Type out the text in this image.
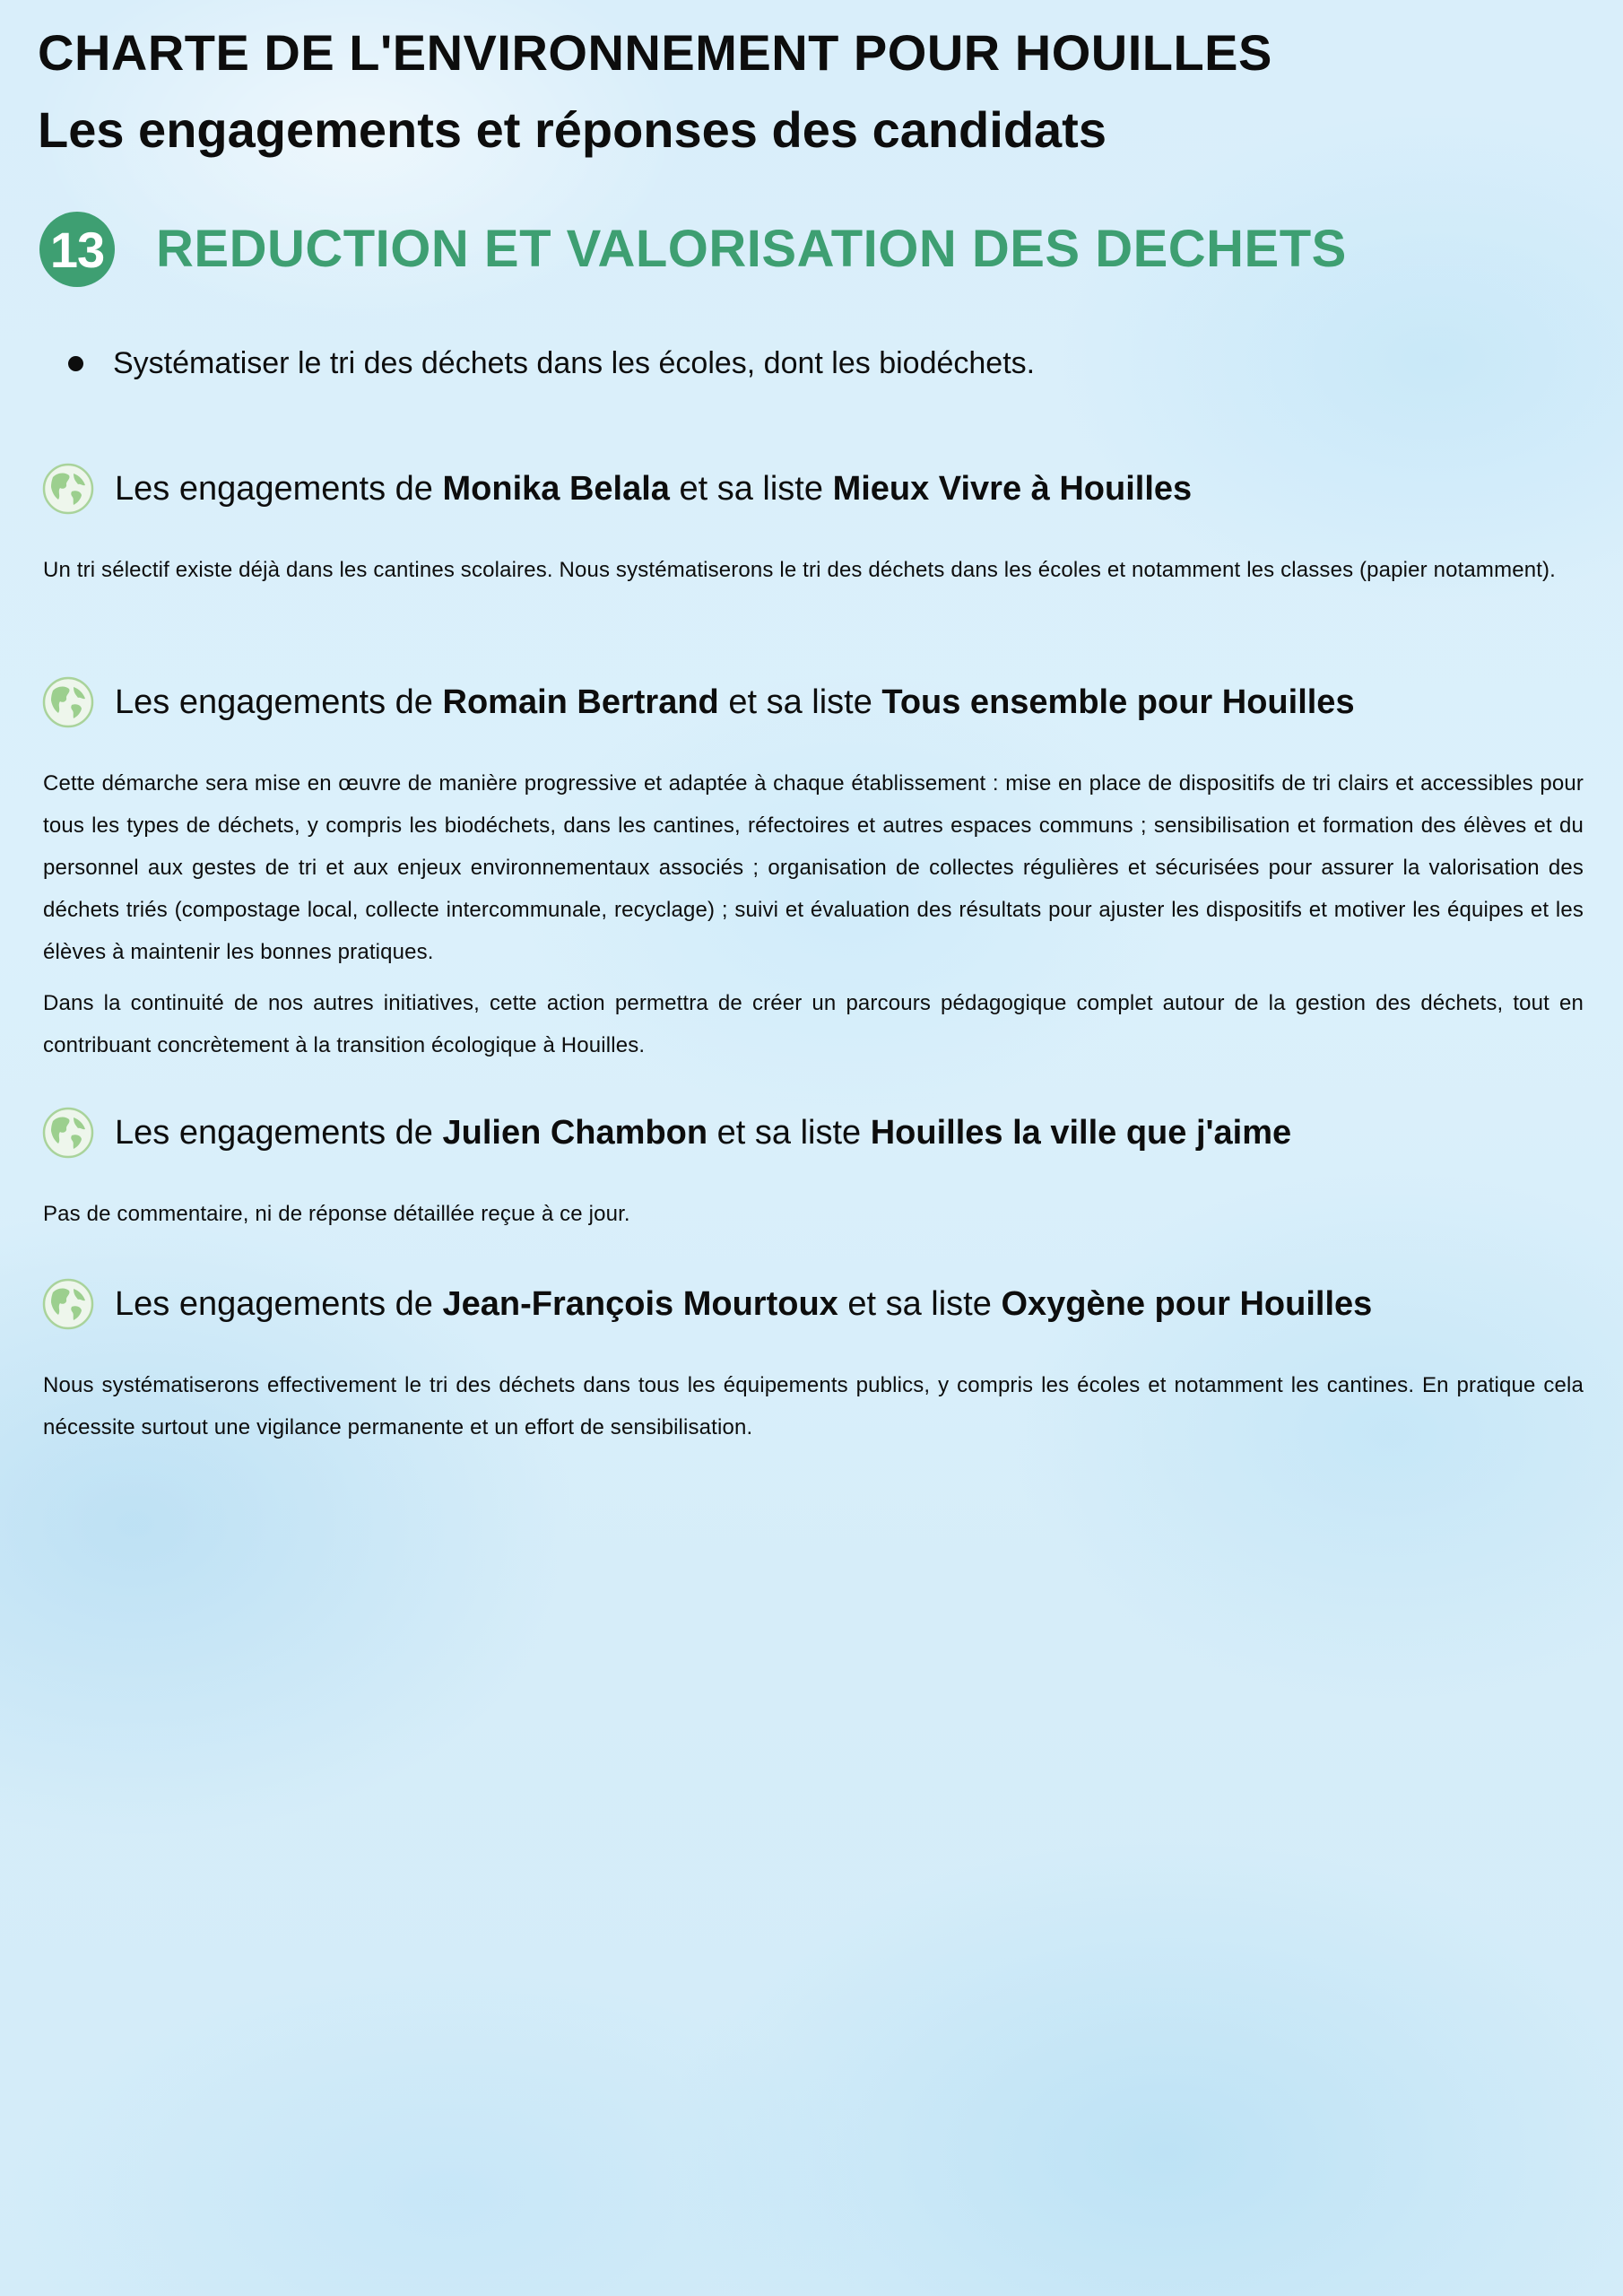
CHARTE DE L'ENVIRONNEMENT POUR HOUILLES
Les engagements et réponses des candidats
13 REDUCTION ET VALORISATION DES DECHETS
Systématiser le tri des déchets dans les écoles, dont les biodéchets.
Les engagements de Monika Belala et sa liste Mieux Vivre à Houilles

Un tri sélectif existe déjà dans les cantines scolaires. Nous systématiserons le tri des déchets dans les écoles et notamment les classes (papier notamment).

Les engagements de Romain Bertrand et sa liste Tous ensemble pour Houilles

Cette démarche sera mise en œuvre de manière progressive et adaptée à chaque établissement : mise en place de dispositifs de tri clairs et accessibles pour tous les types de déchets, y compris les biodéchets, dans les cantines, réfectoires et autres espaces communs ; sensibilisation et formation des élèves et du personnel aux gestes de tri et aux enjeux environnementaux associés ; organisation de collectes régulières et sécurisées pour assurer la valorisation des déchets triés (compostage local, collecte intercommunale, recyclage) ; suivi et évaluation des résultats pour ajuster les dispositifs et motiver les équipes et les élèves à maintenir les bonnes pratiques.

Dans la continuité de nos autres initiatives, cette action permettra de créer un parcours pédagogique complet autour de la gestion des déchets, tout en contribuant concrètement à la transition écologique à Houilles.

Les engagements de Julien Chambon et sa liste Houilles la ville que j'aime

Pas de commentaire, ni de réponse détaillée reçue à ce jour.

Les engagements de Jean-François Mourtoux et sa liste Oxygène pour Houilles

Nous systématiserons effectivement le tri des déchets dans tous les équipements publics, y compris les écoles et notamment les cantines. En pratique cela nécessite surtout une vigilance permanente et un effort de sensibilisation.
